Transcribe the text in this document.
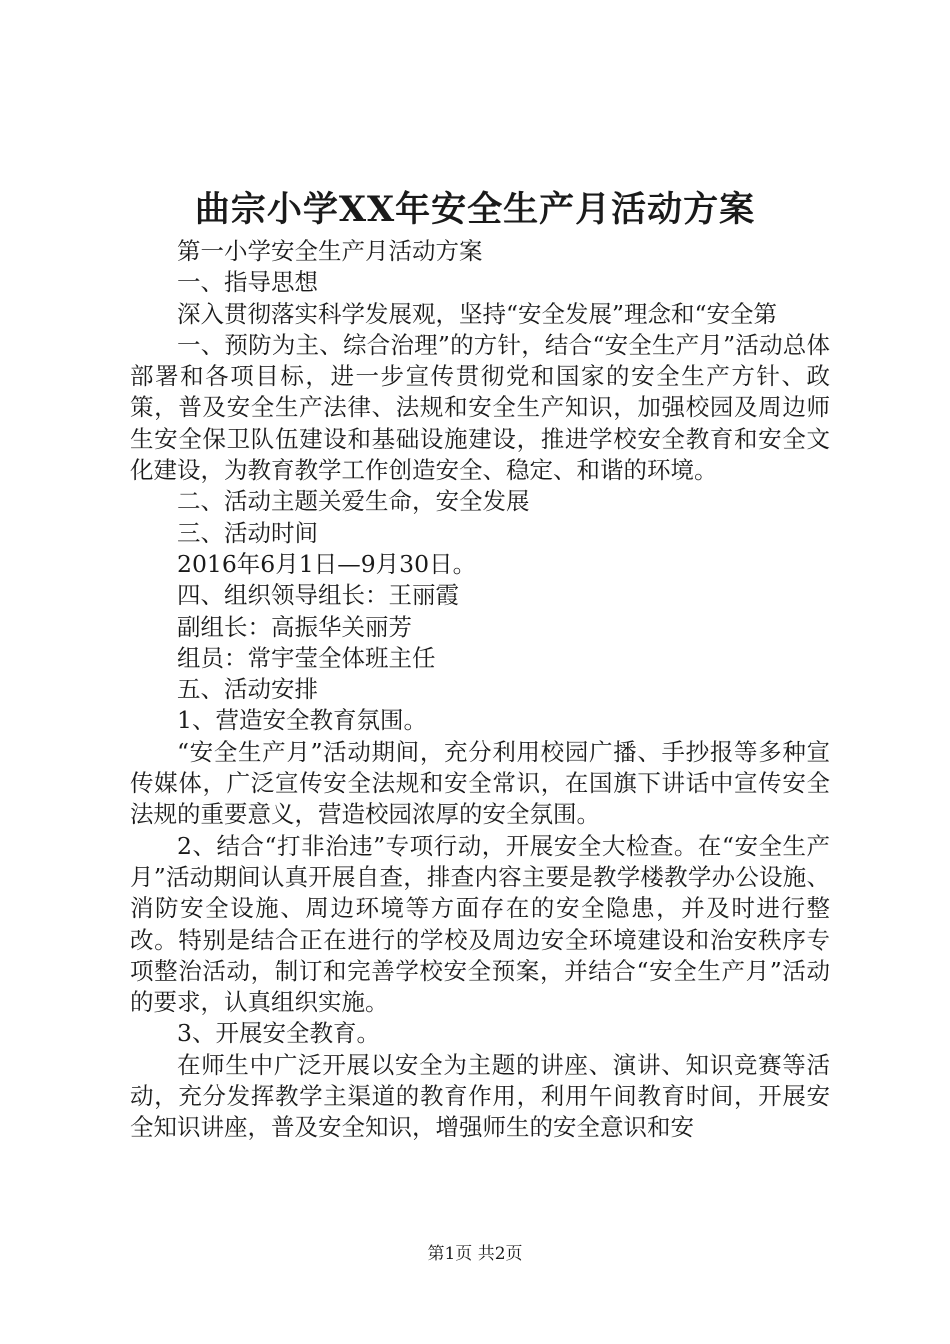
曲宗小学XX年安全生产月活动方案

第一小学安全生产月活动方案

一、指导思想

深入贯彻落实科学发展观，坚持“安全发展”理念和“安全第

一、预防为主、综合治理”的方针，结合“安全生产月”活动总体部署和各项目标，进一步宣传贯彻党和国家的安全生产方针、政策，普及安全生产法律、法规和安全生产知识，加强校园及周边师生安全保卫队伍建设和基础设施建设，推进学校安全教育和安全文化建设，为教育教学工作创造安全、稳定、和谐的环境。

二、活动主题关爱生命，安全发展

三、活动时间

2016年6月1日—9月30日。

四、组织领导组长：王丽霞

副组长：高振华关丽芳

组员：常宇莹全体班主任

五、活动安排

1、营造安全教育氛围。

“安全生产月”活动期间，充分利用校园广播、手抄报等多种宣传媒体，广泛宣传安全法规和安全常识，在国旗下讲话中宣传安全法规的重要意义，营造校园浓厚的安全氛围。

2、结合“打非治违”专项行动，开展安全大检查。在“安全生产月”活动期间认真开展自查，排查内容主要是教学楼教学办公设施、消防安全设施、周边环境等方面存在的安全隐患，并及时进行整改。特别是结合正在进行的学校及周边安全环境建设和治安秩序专项整治活动，制订和完善学校安全预案，并结合“安全生产月”活动的要求，认真组织实施。

3、开展安全教育。

在师生中广泛开展以安全为主题的讲座、演讲、知识竞赛等活动，充分发挥教学主渠道的教育作用，利用午间教育时间，开展安全知识讲座，普及安全知识，增强师生的安全意识和安

第1页 共2页
